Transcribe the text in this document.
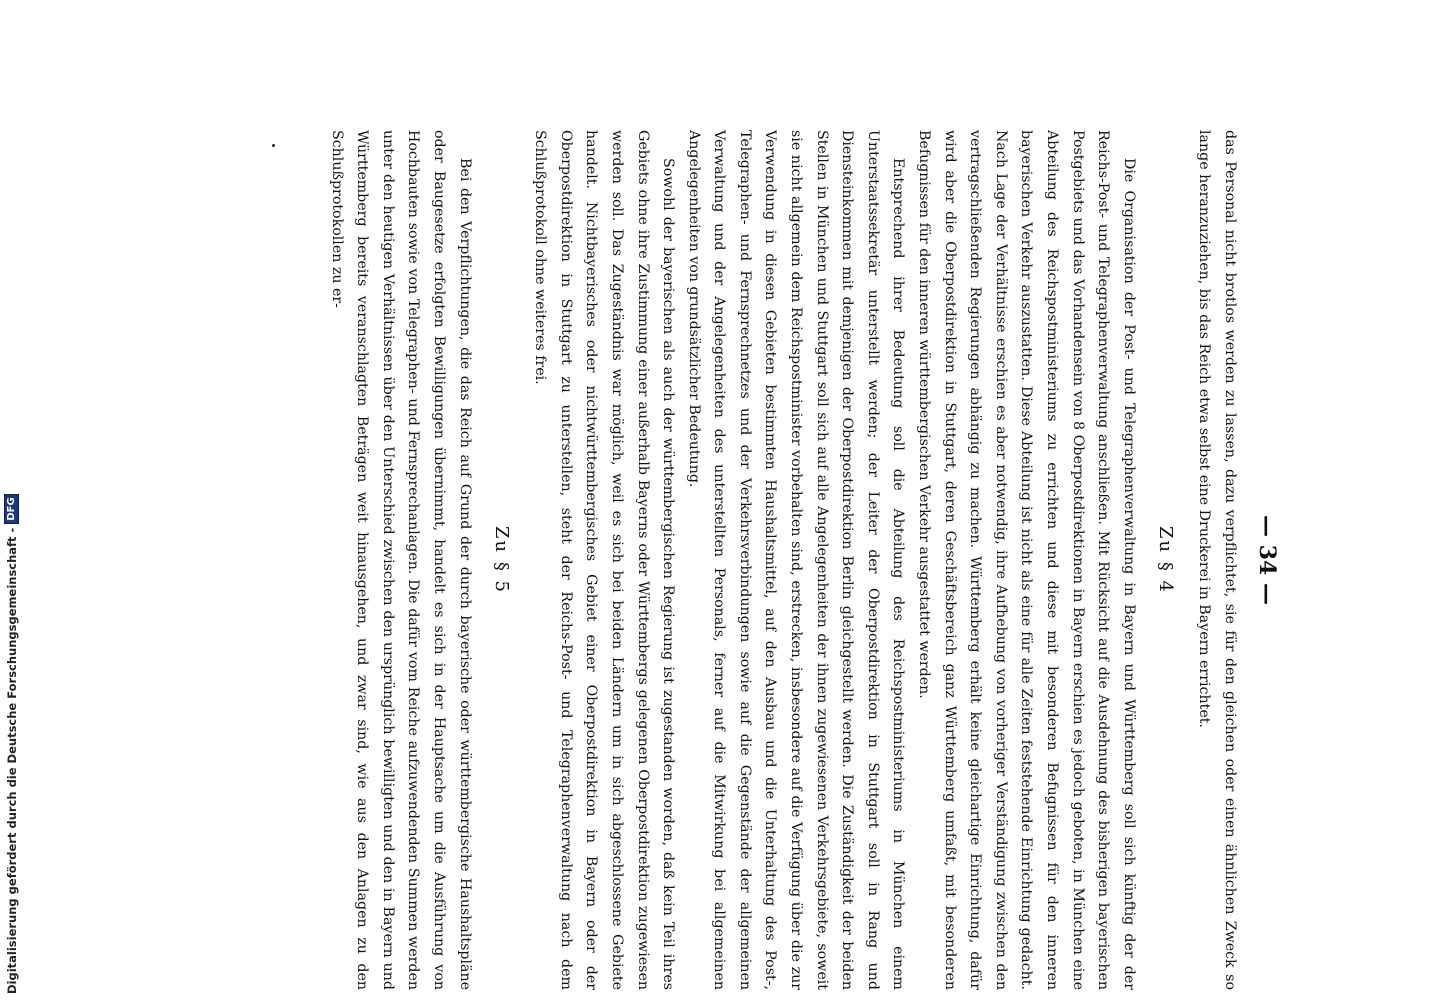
— 34 —

das Personal nicht brotlos werden zu lassen, dazu verpflichtet, sie für den gleichen oder einen ähnlichen Zweck so lange heranzuziehen, bis das Reich etwa selbst eine Druckerei in Bayern errichtet.

Zu § 4

Die Organisation der Post- und Telegraphenverwaltung in Bayern und Württemberg soll sich künftig der der Reichs-Post- und Telegraphenverwaltung anschließen. Mit Rücksicht auf die Ausdehnung des bisherigen bayerischen Postgebiets und das Vorhandensein von 8 Oberpostdirektionen in Bayern erschien es jedoch geboten, in München eine Abteilung des Reichspostministeriums zu errichten und diese mit besonderen Befugnissen für den inneren bayerischen Verkehr auszustatten. Diese Abteilung ist nicht als eine für alle Zeiten feststehende Einrichtung gedacht. Nach Lage der Verhältnisse erschien es aber notwendig, ihre Aufhebung von vorheriger Verständigung zwischen den vertragschließenden Regierungen abhängig zu machen. Württemberg erhält keine gleichartige Einrichtung, dafür wird aber die Oberpostdirektion in Stuttgart, deren Geschäftsbereich ganz Württemberg umfaßt, mit besonderen Befugnissen für den inneren württembergischen Verkehr ausgestattet werden.

Entsprechend ihrer Bedeutung soll die Abteilung des Reichspostministeriums in München einem Unterstaatssekretär unterstellt werden; der Leiter der Oberpostdirektion in Stuttgart soll in Rang und Diensteinkommen mit demjenigen der Oberpostdirektion Berlin gleichgestellt werden. Die Zuständigkeit der beiden Stellen in München und Stuttgart soll sich auf alle Angelegenheiten der ihnen zugewiesenen Verkehrsgebiete, soweit sie nicht allgemein dem Reichspostminister vorbehalten sind, erstrecken, insbesondere auf die Verfügung über die zur Verwendung in diesen Gebieten bestimmten Haushaltsmittel, auf den Ausbau und die Unterhaltung des Post-, Telegraphen- und Fernsprechnetzes und der Verkehrsverbindungen sowie auf die Gegenstände der allgemeinen Verwaltung und der Angelegenheiten des unterstellten Personals, ferner auf die Mitwirkung bei allgemeinen Angelegenheiten von grundsätzlicher Bedeutung.

Sowohl der bayerischen als auch der württembergischen Regierung ist zugestanden worden, daß kein Teil ihres Gebiets ohne ihre Zustimmung einer außerhalb Bayerns oder Württembergs gelegenen Oberpostdirektion zugewiesen werden soll. Das Zugeständnis war möglich, weil es sich bei beiden Ländern um in sich abgeschlossene Gebiete handelt. Nichtbayerisches oder nichtwürttembergisches Gebiet einer Oberpostdirektion in Bayern oder der Oberpostdirektion in Stuttgart zu unterstellen, steht der Reichs-Post- und Telegraphenverwaltung nach dem Schlußprotokoll ohne weiteres frei.

Zu § 5

Bei den Verpflichtungen, die das Reich auf Grund der durch bayerische oder württembergische Haushaltspläne oder Baugesetze erfolgten Bewilligungen übernimmt, handelt es sich in der Hauptsache um die Ausführung von Hochbauten sowie von Telegraphen- und Fernsprechanlagen. Die dafür vom Reiche aufzuwendenden Summen werden unter den heutigen Verhältnissen über den Unterschied zwischen den ursprünglich bewilligten und den in Bayern und Württemberg bereits veranschlagten Beträgen weit hinausgehen, und zwar sind, wie aus den Anlagen zu den Schlußprotokollen zu er-

Digitalisierung gefördert durch die Deutsche Forschungsgemeinschaft -
DFG
